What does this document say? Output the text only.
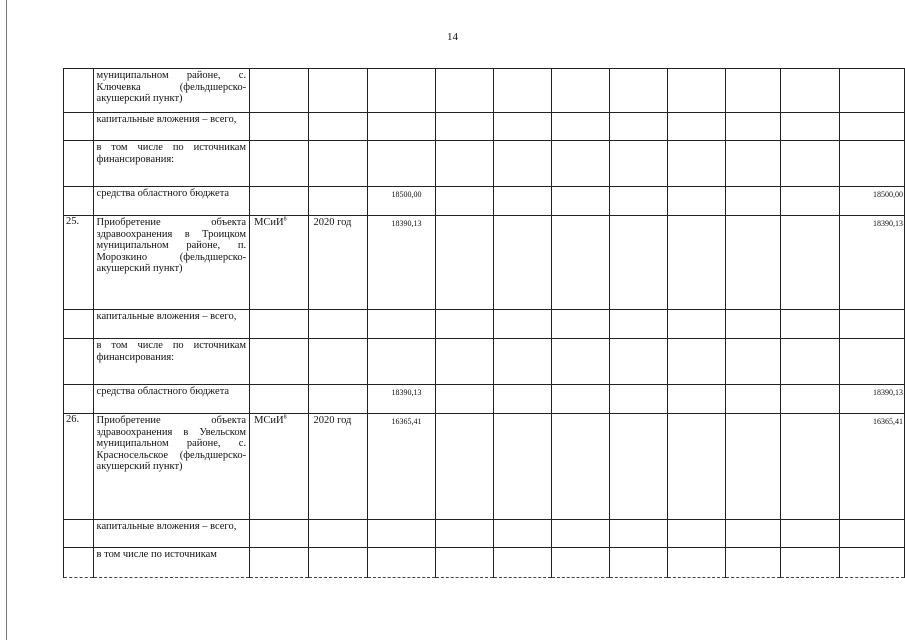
14
	муниципальном районе, с. Ключевка (фельдшерско-акушерский пункт)											
	капитальные вложения – всего,											
	в том числе по источникам финансирования:											
	средства областного бюджета			18500,00								18500,00
25.	Приобретение объекта здравоохранения в Троицком муниципальном районе, п. Морозкино (фельдшерско-акушерский пункт)	МСиИ$^8$	2020 год	18390,13								18390,13
	капитальные вложения – всего,											
	в том числе по источникам финансирования:											
	средства областного бюджета			18390,13								18390,13
26.	Приобретение объекта здравоохранения в Увельском муниципальном районе, с. Красносельское (фельдшерско-акушерский пункт)	МСиИ$^8$	2020 год	16365,41								16365,41
	капитальные вложения – всего,											
	в том числе по источникам											
